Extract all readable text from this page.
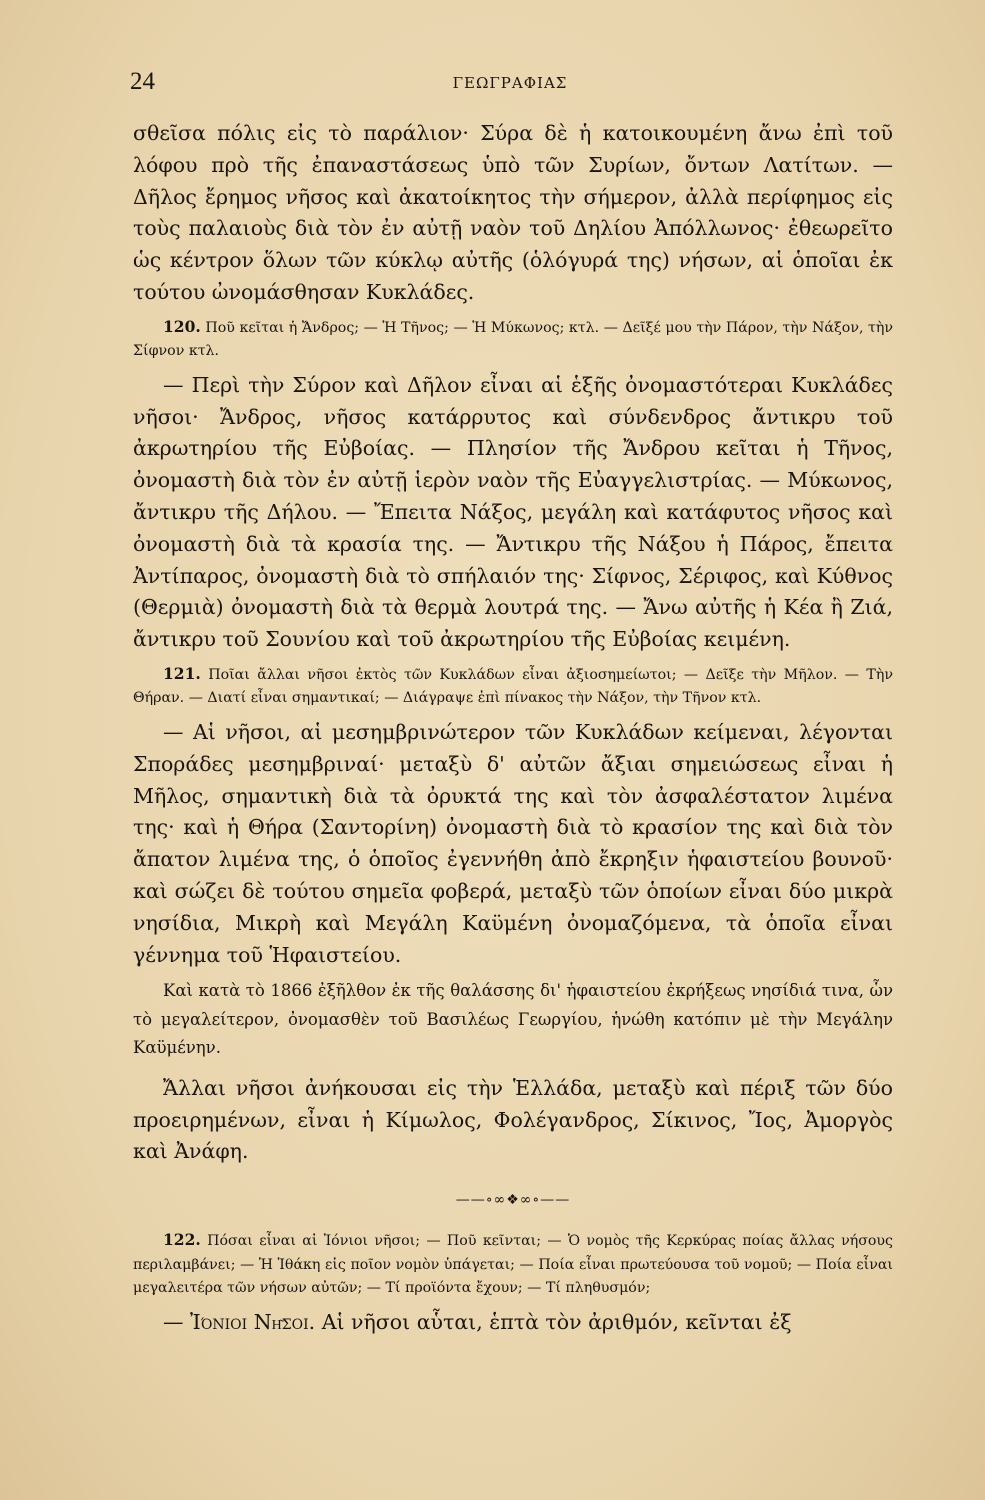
24	ΓΕΩΓΡΑΦΙΑΣ

σθεῖσα πόλις εἰς τὸ παράλιον· Σύρα δὲ ἡ κατοικουμένη ἄνω ἐπὶ τοῦ λόφου πρὸ τῆς ἐπαναστάσεως ὑπὸ τῶν Συρίων, ὄντων Λατίτων. — Δῆλος ἔρημος νῆσος καὶ ἀκατοίκητος τὴν σήμερον, ἀλλὰ περίφημος εἰς τοὺς παλαιοὺς διὰ τὸν ἐν αὐτῇ ναὸν τοῦ Δηλίου Ἀπόλλωνος· ἐθεωρεῖτο ὡς κέντρον ὅλων τῶν κύκλῳ αὐτῆς (ὁλόγυρά της) νήσων, αἱ ὁποῖαι ἐκ τούτου ὠνομάσθησαν Κυκλάδες.

120. Ποῦ κεῖται ἡ Ἄνδρος; — Ἡ Τῆνος; — Ἡ Μύκωνος; κτλ. — Δεῖξέ μου τὴν Πάρον, τὴν Νάξον, τὴν Σίφνον κτλ.

— Περὶ τὴν Σύρον καὶ Δῆλον εἶναι αἱ ἑξῆς ὀνομαστότεραι Κυκλάδες νῆσοι· Ἄνδρος, νῆσος κατάρρυτος καὶ σύνδενδρος ἄντικρυ τοῦ ἀκρωτηρίου τῆς Εὐβοίας. — Πλησίον τῆς Ἄνδρου κεῖται ἡ Τῆνος, ὀνομαστὴ διὰ τὸν ἐν αὐτῇ ἱερὸν ναὸν τῆς Εὐαγγελιστρίας. — Μύκωνος, ἄντικρυ τῆς Δήλου. — Ἔπειτα Νάξος, μεγάλη καὶ κατάφυτος νῆσος καὶ ὀνομαστὴ διὰ τὰ κρασία της. — Ἄντικρυ τῆς Νάξου ἡ Πάρος, ἔπειτα Ἀντίπαρος, ὀνομαστὴ διὰ τὸ σπήλαιόν της· Σίφνος, Σέριφος, καὶ Κύθνος (Θερμιὰ) ὀνομαστὴ διὰ τὰ θερμὰ λουτρά της. — Ἄνω αὐτῆς ἡ Κέα ἢ Ζιά, ἄντικρυ τοῦ Σουνίου καὶ τοῦ ἀκρωτηρίου τῆς Εὐβοίας κειμένη.

121. Ποῖαι ἄλλαι νῆσοι ἐκτὸς τῶν Κυκλάδων εἶναι ἀξιοσημείωτοι; — Δεῖξε τὴν Μῆλον. — Τὴν Θήραν. — Διατί εἶναι σημαντικαί; — Διάγραψε ἐπὶ πίνακος τὴν Νάξον, τὴν Τῆνον κτλ.

— Αἱ νῆσοι, αἱ μεσημβρινώτερον τῶν Κυκλάδων κείμεναι, λέγονται Σποράδες μεσημβριναί· μεταξὺ δ' αὐτῶν ἄξιαι σημειώσεως εἶναι ἡ Μῆλος, σημαντικὴ διὰ τὰ ὀρυκτά της καὶ τὸν ἀσφαλέστατον λιμένα της· καὶ ἡ Θήρα (Σαντορίνη) ὀνομαστὴ διὰ τὸ κρασίον της καὶ διὰ τὸν ἄπατον λιμένα της, ὁ ὁποῖος ἐγεννήθη ἀπὸ ἔκρηξιν ἡφαιστείου βουνοῦ· καὶ σώζει δὲ τούτου σημεῖα φοβερά, μεταξὺ τῶν ὁποίων εἶναι δύο μικρὰ νησίδια, Μικρὴ καὶ Μεγάλη Καϋμένη ὀνομαζόμενα, τὰ ὁποῖα εἶναι γέννημα τοῦ Ἡφαιστείου.

Καὶ κατὰ τὸ 1866 ἐξῆλθον ἐκ τῆς θαλάσσης δι' ἡφαιστείου ἐκρήξεως νησίδιά τινα, ὧν τὸ μεγαλείτερον, ὀνομασθὲν τοῦ Βασιλέως Γεωργίου, ἡνώθη κατόπιν μὲ τὴν Μεγάλην Καϋμένην.

Ἄλλαι νῆσοι ἀνήκουσαι εἰς τὴν Ἑλλάδα, μεταξὺ καὶ πέριξ τῶν δύο προειρημένων, εἶναι ἡ Κίμωλος, Φολέγανδρος, Σίκινος, Ἴος, Ἀμοργὸς καὶ Ἀνάφη.

——∘∞❖∞∘——

122. Πόσαι εἶναι αἱ Ἰόνιοι νῆσοι; — Ποῦ κεῖνται; — Ὁ νομὸς τῆς Κερκύρας ποίας ἄλλας νήσους περιλαμβάνει; — Ἡ Ἰθάκη εἰς ποῖον νομὸν ὑπάγεται; — Ποία εἶναι πρωτεύουσα τοῦ νομοῦ; — Ποία εἶναι μεγαλειτέρα τῶν νήσων αὐτῶν; — Τί προϊόντα ἔχουν; — Τί πληθυσμόν;

— Ἰόνιοι Νῆσοι. Αἱ νῆσοι αὗται, ἑπτὰ τὸν ἀριθμόν, κεῖνται ἐξ
